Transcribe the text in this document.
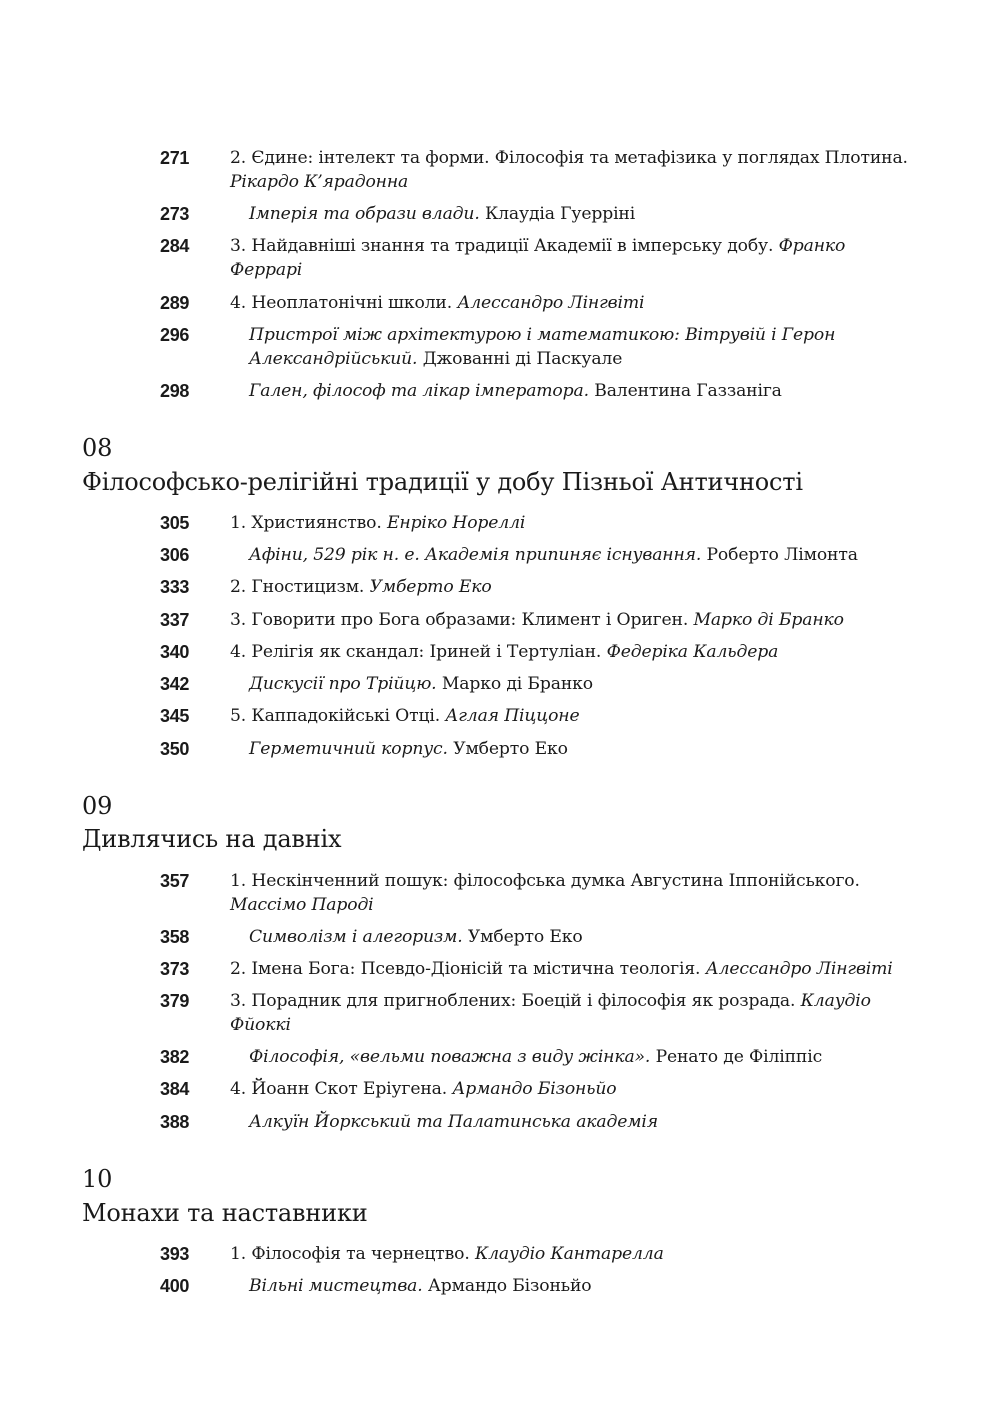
271 2. Єдине: інтелект та форми. Філософія та метафізика у поглядах Плотина.
Рікардо К’ярадонна
273	Імперія та образи влади. Клаудіа Гуеррiні
284 3. Найдавніші знання та традиції Академії в імперську добу. Франко Феррарі
289 4. Неоплатонічні школи. Алессандро Лінгвіті
296	Пристрої між архітектурою і математикою: Вітрувій і Герон Александрійський. Джованні ді Паскуале
298	Гален, філософ та лікар імператора. Валентина Газзаніга
08
Філософсько-релігійні традиції у добу Пізньої Античності
305 1. Християнство. Енріко Нореллі
306	Афіни, 529 рік н. е. Академія припиняє існування. Роберто Лімонта
333 2. Гностицизм. Умберто Еко
337 3. Говорити про Бога образами: Климент і Ориген. Марко ді Бранко
340 4. Релігія як скандал: Іриней і Тертуліан. Федеріка Кальдера
342	Дискусії про Трійцю. Марко ді Бранко
345 5. Каппадокійські Отці. Аглая Піццоне
350	Герметичний корпус. Умберто Еко
09
Дивлячись на давніх
357 1. Нескінченний пошук: філософська думка Августина Іппонійського.
Массімо Пароді
358	Символізм і алегоризм. Умберто Еко
373 2. Імена Бога: Псевдо-Діонісій та містична теологія. Алессандро Лінгвіті
379 3. Порадник для пригноблених: Боецій і філософія як розрада. Клаудіо Фйоккі
382	Філософія, «вельми поважна з виду жінка». Ренато де Філіппіс
384 4. Йоанн Скот Еріугена. Армандо Бізоньйо
388	Алкуїн Йоркський та Палатинська академія
10
Монахи та наставники
393 1. Філософія та чернецтво. Клаудіо Кантарелла
400	Вільні мистецтва. Армандо Бізоньйо
